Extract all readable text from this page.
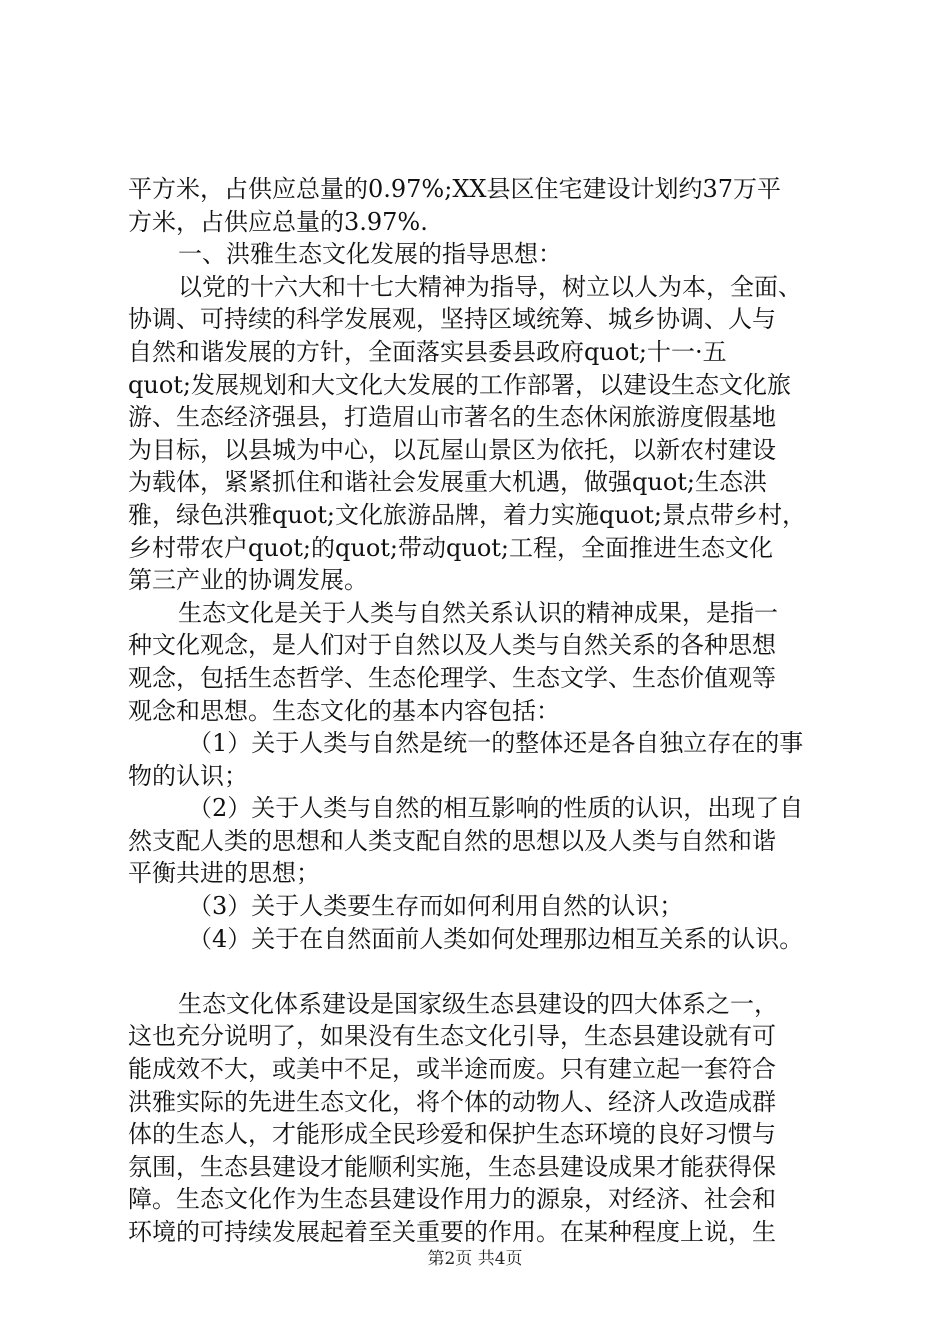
平方米，占供应总量的0.97%;XX县区住宅建设计划约37万平
方米，占供应总量的3.97%.
一、洪雅生态文化发展的指导思想：
以党的十六大和十七大精神为指导，树立以人为本，全面、
协调、可持续的科学发展观，坚持区域统筹、城乡协调、人与
自然和谐发展的方针，全面落实县委县政府quot;十一·五
quot;发展规划和大文化大发展的工作部署，以建设生态文化旅
游、生态经济强县，打造眉山市著名的生态休闲旅游度假基地
为目标，以县城为中心，以瓦屋山景区为依托，以新农村建设
为载体，紧紧抓住和谐社会发展重大机遇，做强quot;生态洪
雅，绿色洪雅quot;文化旅游品牌，着力实施quot;景点带乡村，
乡村带农户quot;的quot;带动quot;工程，全面推进生态文化
第三产业的协调发展。
生态文化是关于人类与自然关系认识的精神成果，是指一
种文化观念，是人们对于自然以及人类与自然关系的各种思想
观念，包括生态哲学、生态伦理学、生态文学、生态价值观等
观念和思想。生态文化的基本内容包括：
（1）关于人类与自然是统一的整体还是各自独立存在的事
物的认识；
（2）关于人类与自然的相互影响的性质的认识，出现了自
然支配人类的思想和人类支配自然的思想以及人类与自然和谐
平衡共进的思想；
（3）关于人类要生存而如何利用自然的认识；
（4）关于在自然面前人类如何处理那边相互关系的认识。
生态文化体系建设是国家级生态县建设的四大体系之一，
这也充分说明了，如果没有生态文化引导，生态县建设就有可
能成效不大，或美中不足，或半途而废。只有建立起一套符合
洪雅实际的先进生态文化，将个体的动物人、经济人改造成群
体的生态人，才能形成全民珍爱和保护生态环境的良好习惯与
氛围，生态县建设才能顺利实施，生态县建设成果才能获得保
障。生态文化作为生态县建设作用力的源泉，对经济、社会和
环境的可持续发展起着至关重要的作用。在某种程度上说，生
第2页 共4页
